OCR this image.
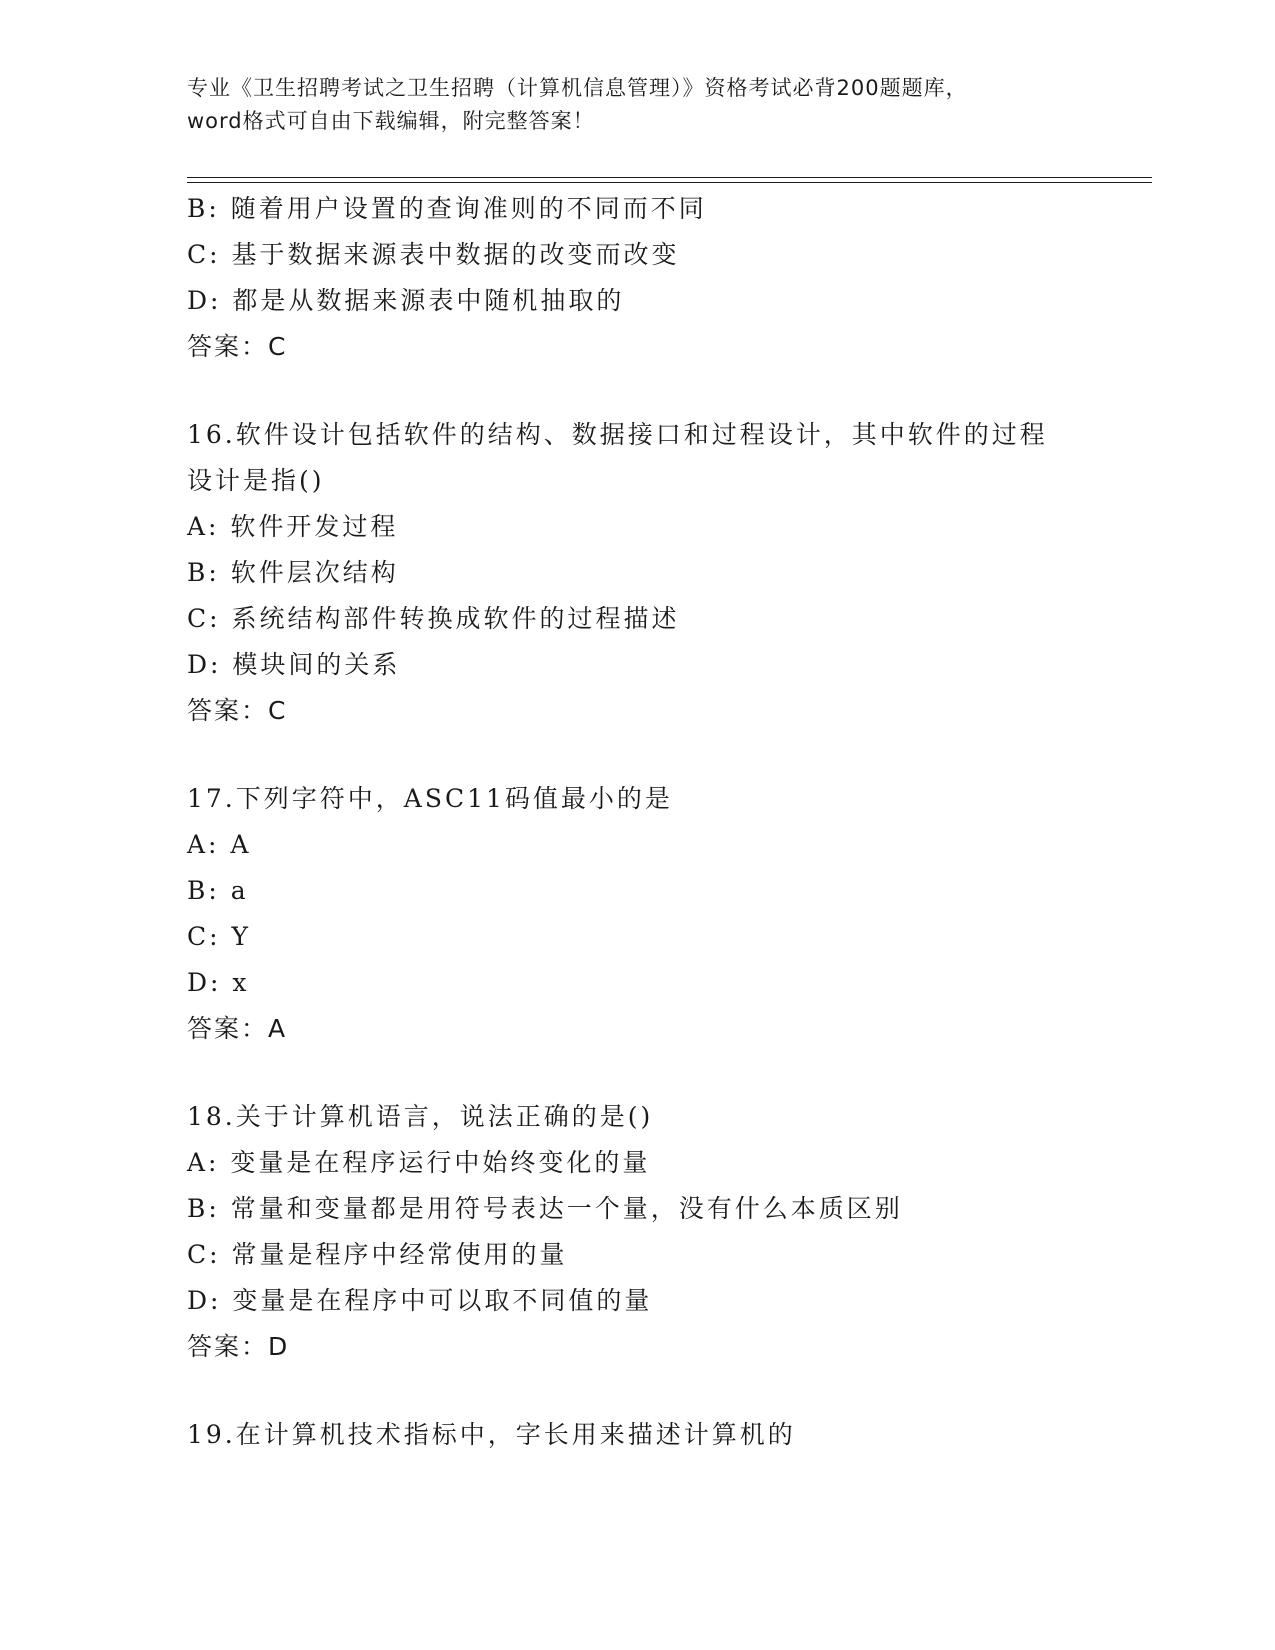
专业《卫生招聘考试之卫生招聘（计算机信息管理）》资格考试必背200题题库，
word格式可自由下载编辑，附完整答案！
B: 随着用户设置的查询准则的不同而不同
C: 基于数据来源表中数据的改变而改变
D: 都是从数据来源表中随机抽取的
答案：C
16.软件设计包括软件的结构、数据接口和过程设计，其中软件的过程
设计是指()
A: 软件开发过程
B: 软件层次结构
C: 系统结构部件转换成软件的过程描述
D: 模块间的关系
答案：C
17.下列字符中，ASC11码值最小的是
A: A
B: a
C: Y
D: x
答案：A
18.关于计算机语言，说法正确的是()
A: 变量是在程序运行中始终变化的量
B: 常量和变量都是用符号表达一个量，没有什么本质区别
C: 常量是程序中经常使用的量
D: 变量是在程序中可以取不同值的量
答案：D
19.在计算机技术指标中，字长用来描述计算机的
